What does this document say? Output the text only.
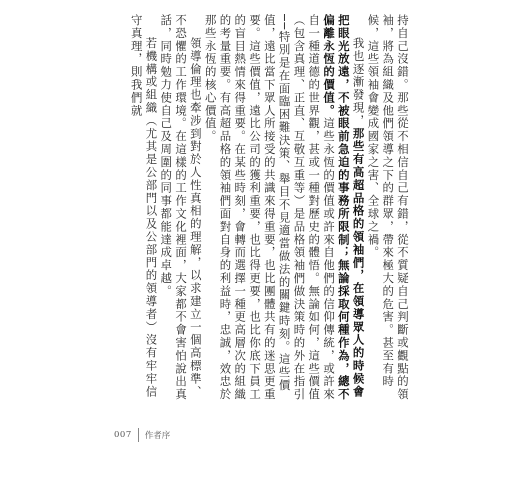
持自己沒錯。那些從不相信自己有錯，從不質疑自己判斷或觀點的領袖，將為組織及他們領導之下的群眾，帶來極大的危害。甚至有時候，這些領袖會變成國家之害、全球之禍。

我也逐漸發現，那些有高超品格的領袖們，在領導眾人的時候會把眼光放遠，不被眼前急迫的事務所限制；無論採取何種作為，總不偏離永恆的價值。這些永恆的價值或許來自他們的信仰傳統，或許來自一種道德的世界觀，甚或一種對歷史的體悟。無論如何，這些價值（包含真理、正直、互敬互重等）是品格領袖們做決策時的外在指引──特別是在面臨困難決策、舉目不見適當做法的關鍵時刻。這些價值，遠比當下眾人所接受的共識來得重要，也比團體共有的迷思更重要。這些價值，遠比公司的獲利重要，也比得更要，也比你底下員工的盲目熱情來得重要。在某些時刻，會轉而選擇一種更高層次的組織的考量重要。有高超品格的領袖們面對自身的利益時，忠誠，效忠於那些永恆的核心價值。

領導倫理也牽涉到對於人性真相的理解，以求建立一個高標準、不恐懼的工作環境。在這樣的工作文化裡面，大家都不會害怕說出真話，同時勉力使自己及周圍的同事都能達成卓越。

若機構或組織（尤其是公部門以及公部門的領導者）沒有牢牢信守真理，則我們就

007 作者序
